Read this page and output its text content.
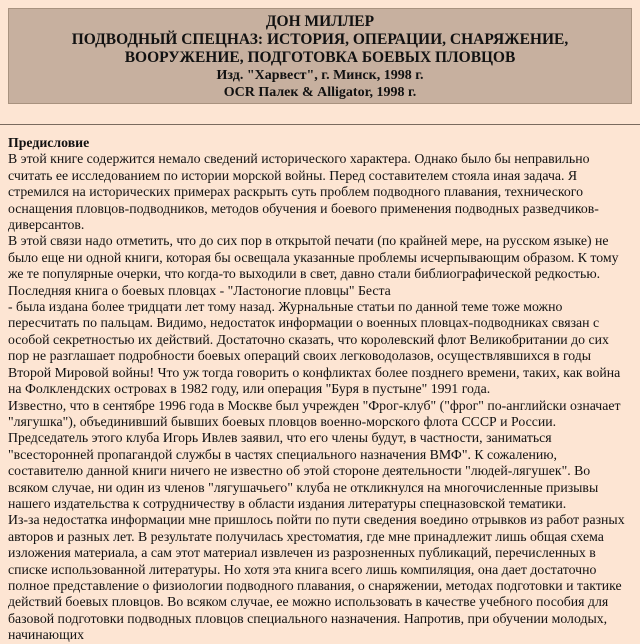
ДОН МИЛЛЕР
ПОДВОДНЫЙ СПЕЦНАЗ: ИСТОРИЯ, ОПЕРАЦИИ, СНАРЯЖЕНИЕ,
ВООРУЖЕНИЕ, ПОДГОТОВКА БОЕВЫХ ПЛОВЦОВ
Изд. "Харвест", г. Минск, 1998 г.
OCR Палек & Alligator, 1998 г.

Предисловие

В этой книге содержится немало сведений исторического характера. Однако было бы неправильно считать ее исследованием по истории морской войны. Перед составителем стояла иная задача. Я стремился на исторических примерах раскрыть суть проблем подводного плавания, технического оснащения пловцов-подводников, методов обучения и боевого применения подводных разведчиков-диверсантов.

В этой связи надо отметить, что до сих пор в открытой печати (по крайней мере, на русском языке) не было еще ни одной книги, которая бы освещала указанные проблемы исчерпывающим образом. К тому же те популярные очерки, что когда-то выходили в свет, давно стали библиографической редкостью. Последняя книга о боевых пловцах - "Ластоногие пловцы" Беста

- была издана более тридцати лет тому назад. Журнальные статьи по данной теме тоже можно пересчитать по пальцам. Видимо, недостаток информации о военных пловцах-подводниках связан с особой секретностью их действий. Достаточно сказать, что королевский флот Великобритании до сих пор не разглашает подробности боевых операций своих легководолазов, осуществлявшихся в годы Второй Мировой войны! Что уж тогда говорить о конфликтах более позднего времени, таких, как война на Фолклендских островах в 1982 году, или операция "Буря в пустыне" 1991 года.

Известно, что в сентябре 1996 года в Москве был учрежден "Фрог-клуб" ("фрог" по-английски означает "лягушка"), объединивший бывших боевых пловцов военно-морского флота СССР и России. Председатель этого клуба Игорь Ивлев заявил, что его члены будут, в частности, заниматься "всесторонней пропагандой службы в частях специального назначения ВМФ". К сожалению, составителю данной книги ничего не известно об этой стороне деятельности "людей-лягушек". Во всяком случае, ни один из членов "лягушачьего" клуба не откликнулся на многочисленные призывы нашего издательства к сотрудничеству в области издания литературы спецназовской тематики.

Из-за недостатка информации мне пришлось пойти по пути сведения воедино отрывков из работ разных авторов и разных лет. В результате получилась хрестоматия, где мне принадлежит лишь общая схема изложения материала, а сам этот материал извлечен из разрозненных публикаций, перечисленных в списке использованной литературы. Но хотя эта книга всего лишь компиляция, она дает достаточно полное представление о физиологии подводного плавания, о снаряжении, методах подготовки и тактике действий боевых пловцов. Во всяком случае, ее можно использовать в качестве учебного пособия для базовой подготовки подводных пловцов специального назначения. Напротив, при обучении молодых, начинающих
